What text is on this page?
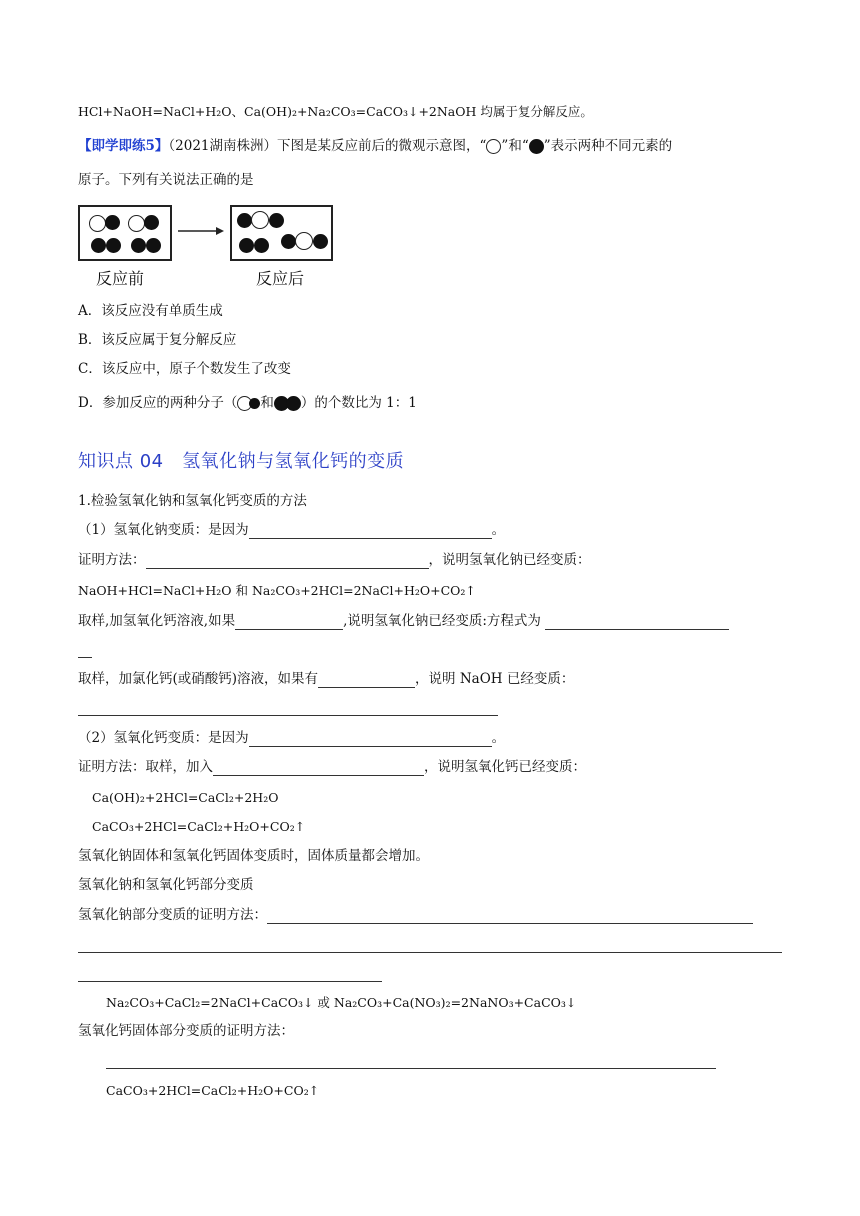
HCl+NaOH=NaCl+H₂O、Ca(OH)₂+Na₂CO₃=CaCO₃↓+2NaOH 均属于复分解反应。
【即学即练5】（2021湖南株洲）下图是某反应前后的微观示意图，“ ”和“ ”表示两种不同元素的
原子。下列有关说法正确的是
反应前	反应后
A．该反应没有单质生成
B．该反应属于复分解反应
C．该反应中，原子个数发生了改变
D．参加反应的两种分子（ 和 ）的个数比为 1：1
知识点 04　氢氧化钠与氢氧化钙的变质
1.检验氢氧化钠和氢氧化钙变质的方法
（1）氢氧化钠变质：是因为	。
证明方法：	，说明氢氧化钠已经变质：
NaOH+HCl=NaCl+H₂O 和 Na₂CO₃+2HCl=2NaCl+H₂O+CO₂↑
取样,加氢氧化钙溶液,如果	,说明氢氧化钠已经变质:方程式为
取样，加氯化钙(或硝酸钙)溶液，如果有	，说明 NaOH 已经变质：
（2）氢氧化钙变质：是因为	。
证明方法：取样，加入	，说明氢氧化钙已经变质：
Ca(OH)₂+2HCl=CaCl₂+2H₂O
CaCO₃+2HCl=CaCl₂+H₂O+CO₂↑
氢氧化钠固体和氢氧化钙固体变质时，固体质量都会增加。
氢氧化钠和氢氧化钙部分变质
氢氧化钠部分变质的证明方法：
Na₂CO₃+CaCl₂=2NaCl+CaCO₃↓ 或 Na₂CO₃+Ca(NO₃)₂=2NaNO₃+CaCO₃↓
氢氧化钙固体部分变质的证明方法：
CaCO₃+2HCl=CaCl₂+H₂O+CO₂↑
